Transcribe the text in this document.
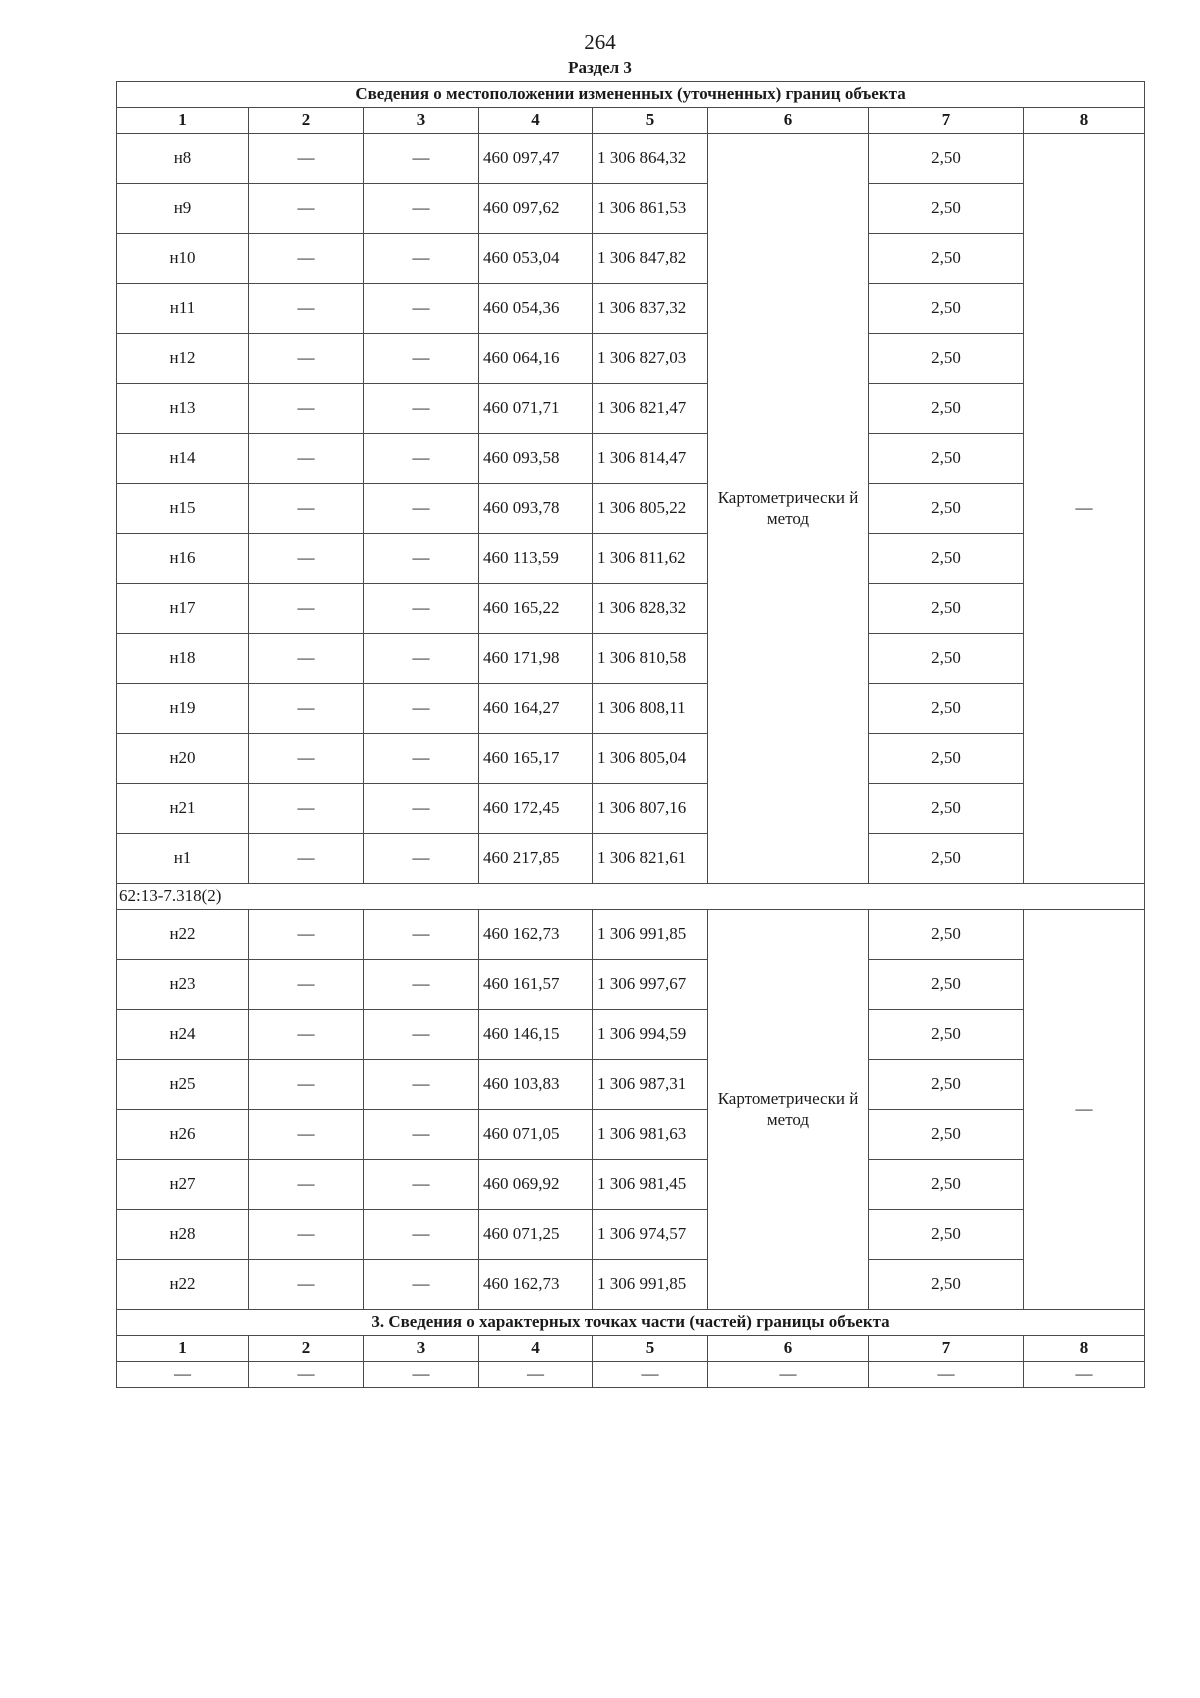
264
Раздел 3
Сведения о местоположении измененных (уточненных) границ объекта							
1	2	3	4	5	6	7	8
н8	—	—	460 097,47	1 306 864,32	Картометрически й метод	2,50	—
н9	—	—	460 097,62	1 306 861,53		2,50	
н10	—	—	460 053,04	1 306 847,82		2,50	
н11	—	—	460 054,36	1 306 837,32		2,50	
н12	—	—	460 064,16	1 306 827,03		2,50	
н13	—	—	460 071,71	1 306 821,47		2,50	
н14	—	—	460 093,58	1 306 814,47		2,50	
н15	—	—	460 093,78	1 306 805,22		2,50	
н16	—	—	460 113,59	1 306 811,62		2,50	
н17	—	—	460 165,22	1 306 828,32		2,50	
н18	—	—	460 171,98	1 306 810,58		2,50	
н19	—	—	460 164,27	1 306 808,11		2,50	
н20	—	—	460 165,17	1 306 805,04		2,50	
н21	—	—	460 172,45	1 306 807,16		2,50	
н1	—	—	460 217,85	1 306 821,61		2,50	
62:13-7.318(2)							
н22	—	—	460 162,73	1 306 991,85	Картометрически й метод	2,50	—
н23	—	—	460 161,57	1 306 997,67		2,50	
н24	—	—	460 146,15	1 306 994,59		2,50	
н25	—	—	460 103,83	1 306 987,31		2,50	
н26	—	—	460 071,05	1 306 981,63		2,50	
н27	—	—	460 069,92	1 306 981,45		2,50	
н28	—	—	460 071,25	1 306 974,57		2,50	
н22	—	—	460 162,73	1 306 991,85		2,50	
3. Сведения о характерных точках части (частей) границы объекта							
1	2	3	4	5	6	7	8
—	—	—	—	—	—	—	—
